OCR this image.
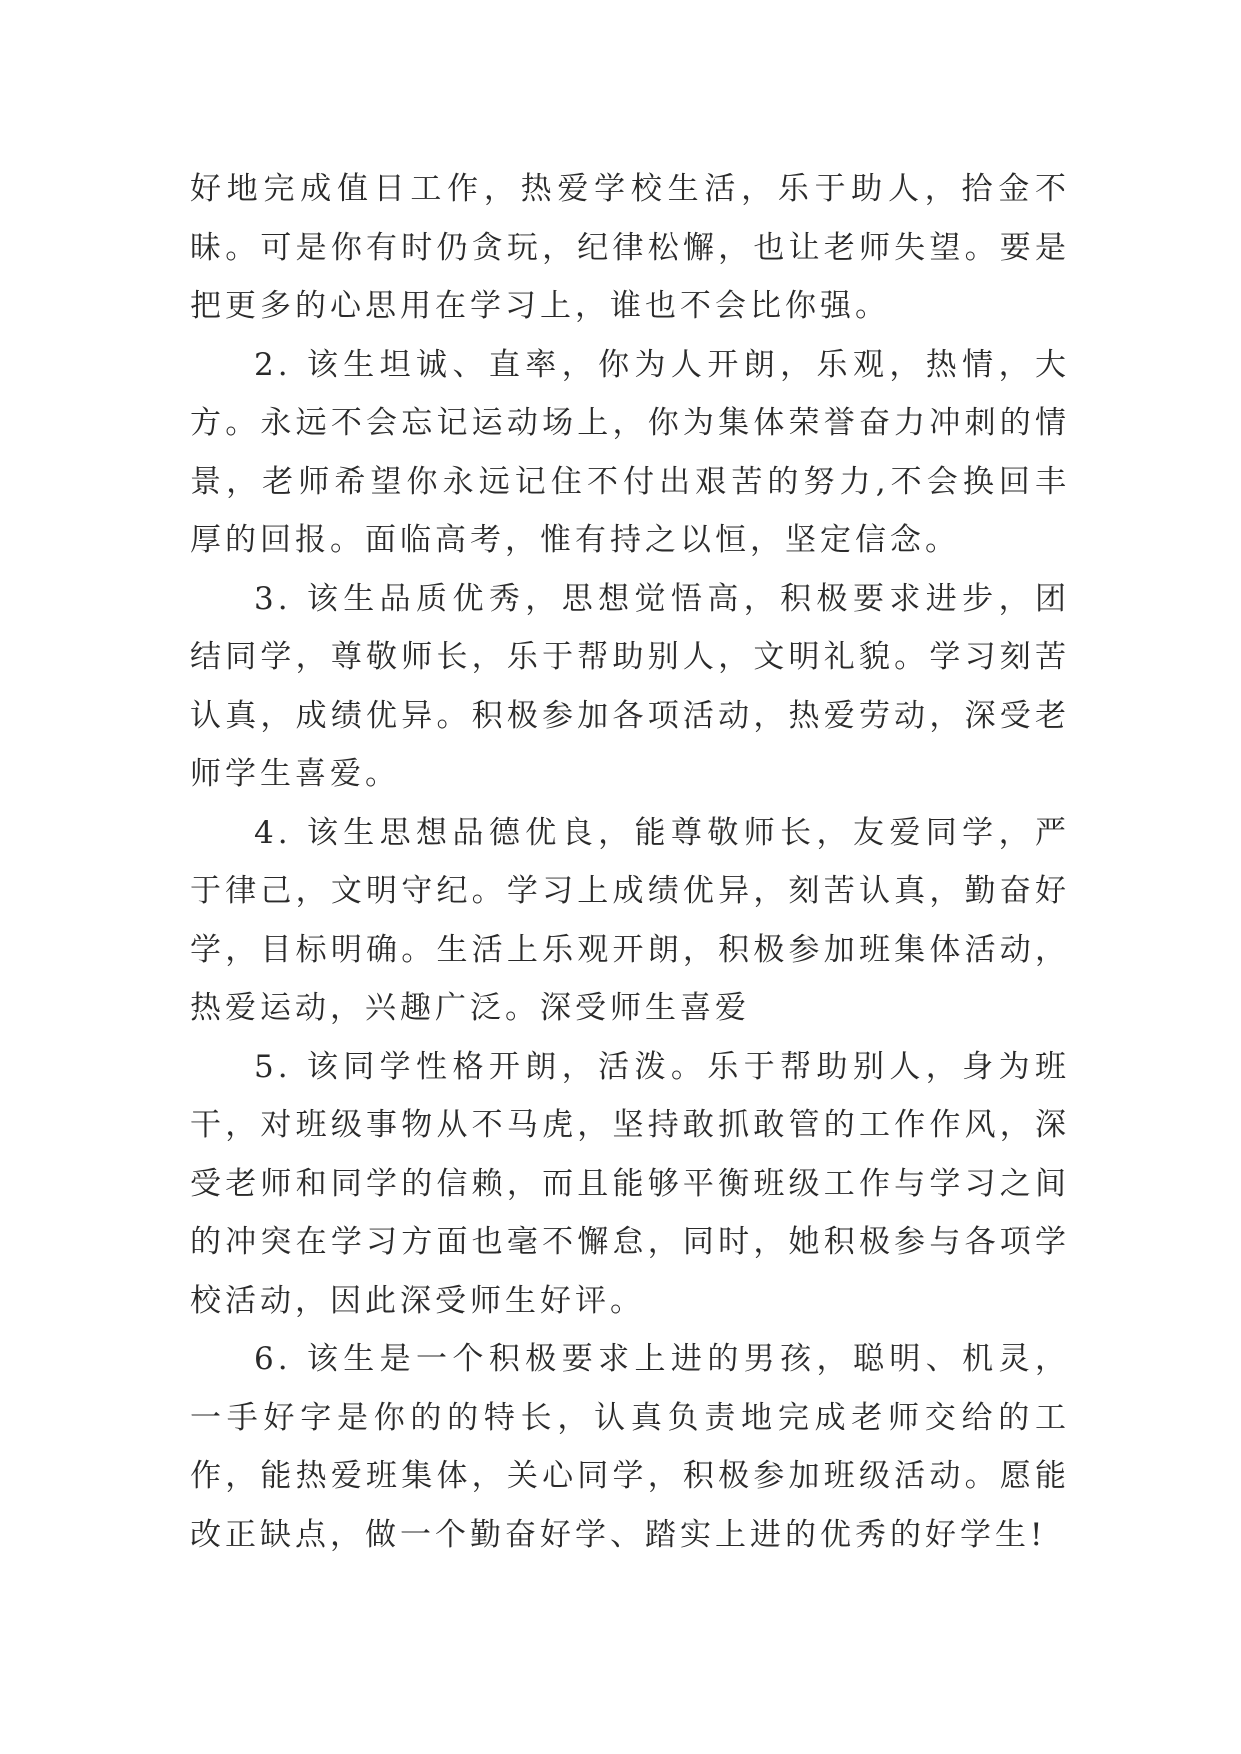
好地完成值日工作，热爱学校生活，乐于助人，拾金不昧。可是你有时仍贪玩，纪律松懈，也让老师失望。要是把更多的心思用在学习上，谁也不会比你强。

2. 该生坦诚、直率，你为人开朗，乐观，热情，大方。永远不会忘记运动场上，你为集体荣誉奋力冲刺的情景，老师希望你永远记住不付出艰苦的努力,不会换回丰厚的回报。面临高考，惟有持之以恒，坚定信念。

3. 该生品质优秀，思想觉悟高，积极要求进步，团结同学，尊敬师长，乐于帮助别人，文明礼貌。学习刻苦认真，成绩优异。积极参加各项活动，热爱劳动，深受老师学生喜爱。

4. 该生思想品德优良，能尊敬师长，友爱同学，严于律己，文明守纪。学习上成绩优异，刻苦认真，勤奋好学，目标明确。生活上乐观开朗，积极参加班集体活动，热爱运动，兴趣广泛。深受师生喜爱

5. 该同学性格开朗，活泼。乐于帮助别人，身为班干，对班级事物从不马虎，坚持敢抓敢管的工作作风，深受老师和同学的信赖，而且能够平衡班级工作与学习之间的冲突在学习方面也毫不懈怠，同时，她积极参与各项学校活动，因此深受师生好评。

6. 该生是一个积极要求上进的男孩，聪明、机灵，一手好字是你的的特长，认真负责地完成老师交给的工作，能热爱班集体，关心同学，积极参加班级活动。愿能改正缺点，做一个勤奋好学、踏实上进的优秀的好学生!
